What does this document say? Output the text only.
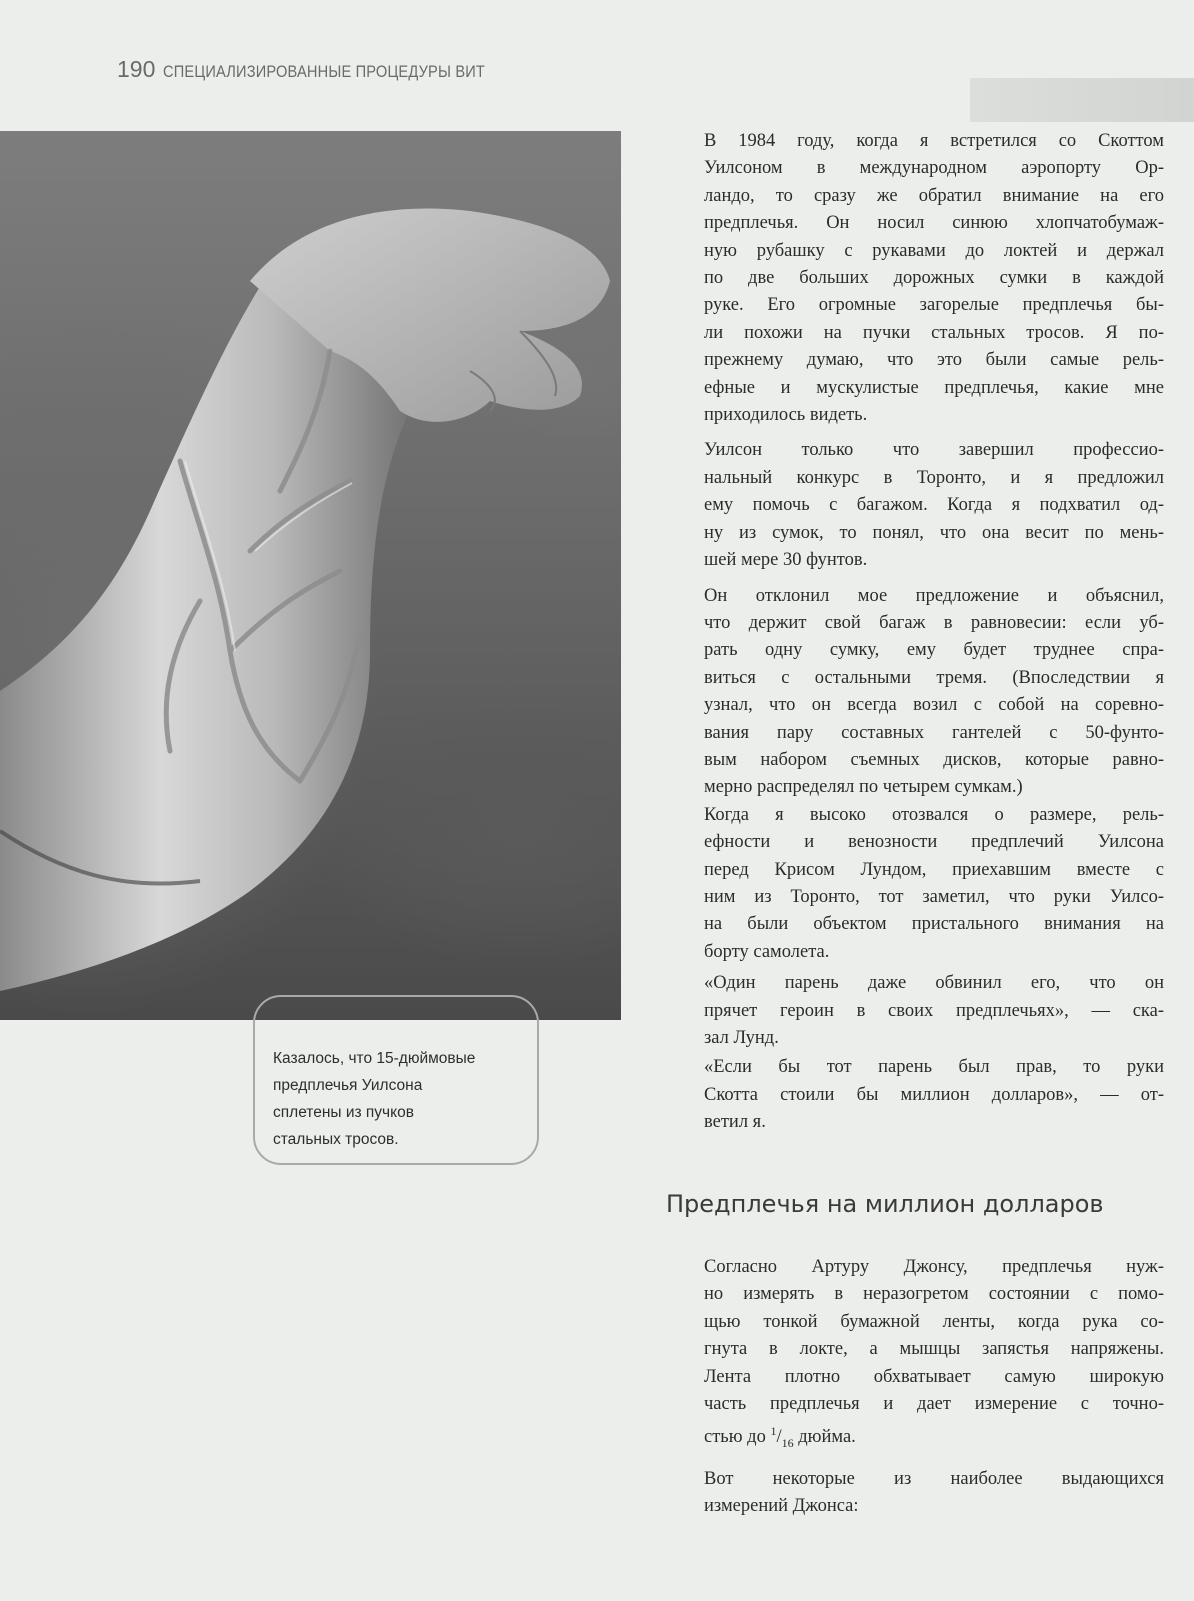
190 СПЕЦИАЛИЗИРОВАННЫЕ ПРОЦЕДУРЫ ВИТ
Казалось, что 15-дюймовые
предплечья Уилсона
сплетены из пучков
стальных тросов.

В 1984 году, когда я встретился со Скоттом
Уилсоном в международном аэропорту Ор-
ландо, то сразу же обратил внимание на его
предплечья. Он носил синюю хлопчатобумаж-
ную рубашку с рукавами до локтей и держал
по две больших дорожных сумки в каждой
руке. Его огромные загорелые предплечья бы-
ли похожи на пучки стальных тросов. Я по-
прежнему думаю, что это были самые рель-
ефные и мускулистые предплечья, какие мне
приходилось видеть.

Уилсон только что завершил профессио-
нальный конкурс в Торонто, и я предложил
ему помочь с багажом. Когда я подхватил од-
ну из сумок, то понял, что она весит по мень-
шей мере 30 фунтов.

Он отклонил мое предложение и объяснил,
что держит свой багаж в равновесии: если уб-
рать одну сумку, ему будет труднее спра-
виться с остальными тремя. (Впоследствии я
узнал, что он всегда возил с собой на соревно-
вания пару составных гантелей с 50-фунто-
вым набором съемных дисков, которые равно-
мерно распределял по четырем сумкам.)

Когда я высоко отозвался о размере, рель-
ефности и венозности предплечий Уилсона
перед Крисом Лундом, приехавшим вместе с
ним из Торонто, тот заметил, что руки Уилсо-
на были объектом пристального внимания на
борту самолета.

«Один парень даже обвинил его, что он
прячет героин в своих предплечьях», — ска-
зал Лунд.

«Если бы тот парень был прав, то руки
Скотта стоили бы миллион долларов», — от-
ветил я.

Предплечья на миллион долларов

Согласно Артуру Джонсу, предплечья нуж-
но измерять в неразогретом состоянии с помо-
щью тонкой бумажной ленты, когда рука со-
гнута в локте, а мышцы запястья напряжены.
Лента плотно обхватывает самую широкую
часть предплечья и дает измерение с точно-
стью до $^1/_{16}$ дюйма.

Вот некоторые из наиболее выдающихся
измерений Джонса:
